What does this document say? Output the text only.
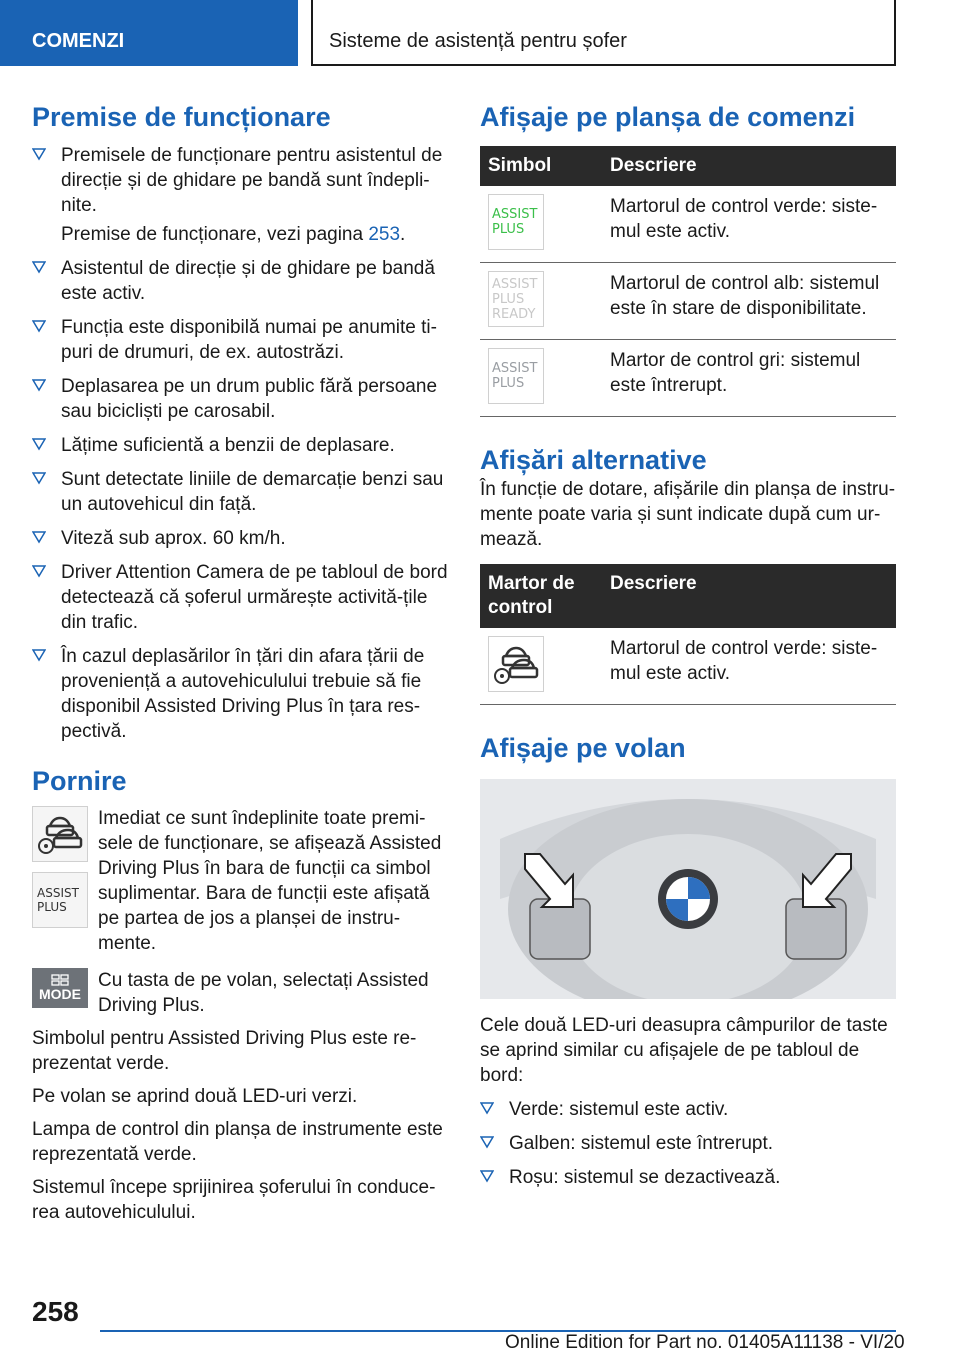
COMENZI	Sisteme de asistență pentru șofer
Premise de funcționare
Premisele de funcționare pentru asistentul de direcție și de ghidare pe bandă sunt îndepli-nite.

Premise de funcționare, vezi pagina 253.

Asistentul de direcție și de ghidare pe bandă este activ.
Funcția este disponibilă numai pe anumite ti-puri de drumuri, de ex. autostrăzi.
Deplasarea pe un drum public fără persoane sau bicicliști pe carosabil.
Lățime suficientă a benzii de deplasare.
Sunt detectate liniile de demarcație benzi sau un autovehicul din față.
Viteză sub aprox. 60 km/h.
Driver Attention Camera de pe tabloul de bord detectează că șoferul urmărește activită-țile din trafic.
În cazul deplasărilor în țări din afara țării de proveniență a autovehiculului trebuie să fie disponibil Assisted Driving Plus în țara res-pectivă.
Pornire
ASSIST
PLUS

Imediat ce sunt îndeplinite toate premi-sele de funcționare, se afișează Assisted Driving Plus în bara de funcții ca simbol suplimentar. Bara de funcții este afișată pe partea de jos a planșei de instru-mente.

MODE

Cu tasta de pe volan, selectați Assisted Driving Plus.

Simbolul pentru Assisted Driving Plus este re-prezentat verde.

Pe volan se aprind două LED-uri verzi.

Lampa de control din planșa de instrumente este reprezentată verde.

Sistemul începe sprijinirea șoferului în conduce-rea autovehiculului.

Afișaje pe planșa de comenzi
Simbol	Descriere

ASSIST
PLUS	Martorul de control verde: siste-mul este activ.

ASSIST
PLUS
READY	Martorul de control alb: sistemul este în stare de disponibilitate.

ASSIST
PLUS	Martor de control gri: sistemul este întrerupt.
Afișări alternative

În funcție de dotare, afișările din planșa de instru-mente poate varia și sunt indicate după cum ur-mează.

Martor de control	Descriere

	Martorul de control verde: siste-mul este activ.
Afișaje pe volan

Cele două LED-uri deasupra câmpurilor de taste se aprind similar cu afișajele de pe tabloul de bord:

Verde: sistemul este activ.
Galben: sistemul este întrerupt.
Roșu: sistemul se dezactivează.
258
Online Edition for Part no. 01405A11138 - VI/20
